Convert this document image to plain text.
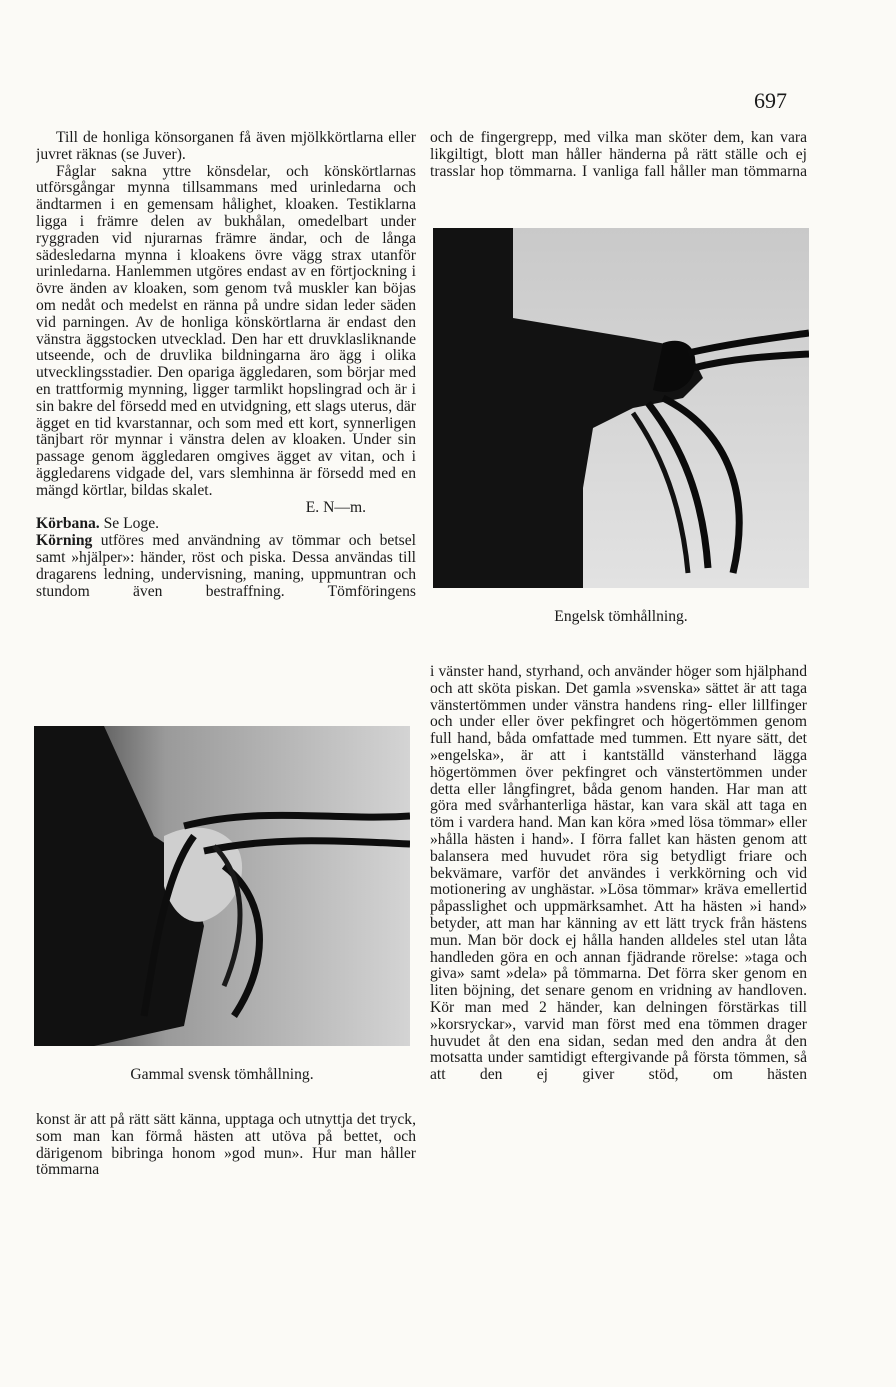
697

Till de honliga könsorganen få även mjölkkörtlarna eller juvret räknas (se Juver).

Fåglar sakna yttre könsdelar, och könskörtlarnas utförsgångar mynna tillsammans med urinledarna och ändtarmen i en gemensam hålighet, kloaken. Testiklarna ligga i främre delen av bukhålan, omedelbart under ryggraden vid njurarnas främre ändar, och de långa sädesledarna mynna i kloakens övre vägg strax utanför urinledarna. Hanlemmen utgöres endast av en förtjockning i övre änden av kloaken, som genom två muskler kan böjas om nedåt och medelst en ränna på undre sidan leder säden vid parningen. Av de honliga könskörtlarna är endast den vänstra äggstocken utvecklad. Den har ett druvklasliknande utseende, och de druvlika bildningarna äro ägg i olika utvecklingsstadier. Den opariga äggledaren, som börjar med en trattformig mynning, ligger tarmlikt hopslingrad och är i sin bakre del försedd med en utvidgning, ett slags uterus, där ägget en tid kvarstannar, och som med ett kort, synnerligen tänjbart rör mynnar i vänstra delen av kloaken. Under sin passage genom äggledaren omgives ägget av vitan, och i äggledarens vidgade del, vars slemhinna är försedd med en mängd körtlar, bildas skalet.

E. N—m.

Körbana. Se Loge.

Körning utföres med användning av tömmar och betsel samt »hjälper»: händer, röst och piska. Dessa användas till dragarens ledning, undervisning, maning, uppmuntran och stundom även bestraffning. Tömföringens

Gammal svensk tömhållning.

konst är att på rätt sätt känna, upptaga och utnyttja det tryck, som man kan förmå hästen att utöva på bettet, och därigenom bibringa honom »god mun». Hur man håller tömmarna

och de fingergrepp, med vilka man sköter dem, kan vara likgiltigt, blott man håller händerna på rätt ställe och ej trasslar hop tömmarna. I vanliga fall håller man tömmarna

Engelsk tömhållning.

i vänster hand, styrhand, och använder höger som hjälphand och att sköta piskan. Det gamla »svenska» sättet är att taga vänstertömmen under vänstra handens ring- eller lillfinger och under eller över pekfingret och högertömmen genom full hand, båda omfattade med tummen. Ett nyare sätt, det »engelska», är att i kantställd vänsterhand lägga högertömmen över pekfingret och vänstertömmen under detta eller långfingret, båda genom handen. Har man att göra med svårhanterliga hästar, kan vara skäl att taga en töm i vardera hand. Man kan köra »med lösa tömmar» eller »hålla hästen i hand». I förra fallet kan hästen genom att balansera med huvudet röra sig betydligt friare och bekvämare, varför det användes i verkkörning och vid motionering av unghästar. »Lösa tömmar» kräva emellertid påpasslighet och uppmärksamhet. Att ha hästen »i hand» betyder, att man har känning av ett lätt tryck från hästens mun. Man bör dock ej hålla handen alldeles stel utan låta handleden göra en och annan fjädrande rörelse: »taga och giva» samt »dela» på tömmarna. Det förra sker genom en liten böjning, det senare genom en vridning av handloven. Kör man med 2 händer, kan delningen förstärkas till »korsryckar», varvid man först med ena tömmen drager huvudet åt den ena sidan, sedan med den andra åt den motsatta under samtidigt eftergivande på första tömmen, så att den ej giver stöd, om hästen
